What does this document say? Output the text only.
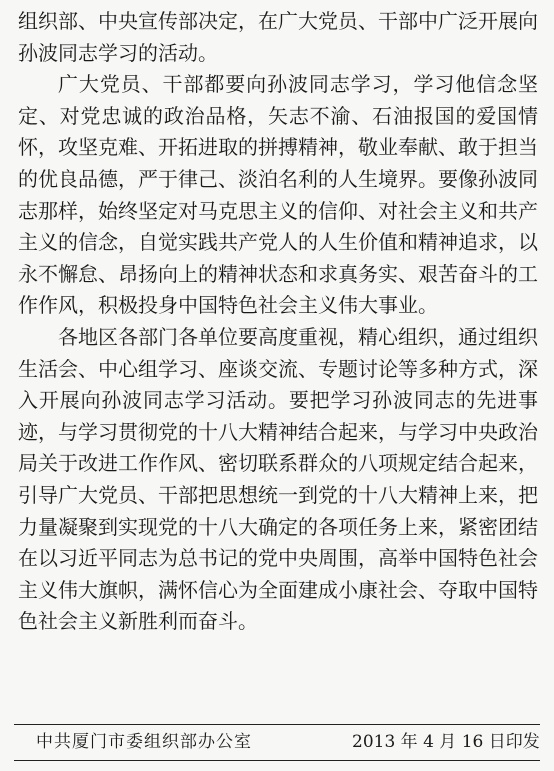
组织部、中央宣传部决定，在广大党员、干部中广泛开展向孙波同志学习的活动。

广大党员、干部都要向孙波同志学习，学习他信念坚定、对党忠诚的政治品格，矢志不渝、石油报国的爱国情怀，攻坚克难、开拓进取的拼搏精神，敬业奉献、敢于担当的优良品德，严于律己、淡泊名利的人生境界。要像孙波同志那样，始终坚定对马克思主义的信仰、对社会主义和共产主义的信念，自觉实践共产党人的人生价值和精神追求，以永不懈怠、昂扬向上的精神状态和求真务实、艰苦奋斗的工作作风，积极投身中国特色社会主义伟大事业。

各地区各部门各单位要高度重视，精心组织，通过组织生活会、中心组学习、座谈交流、专题讨论等多种方式，深入开展向孙波同志学习活动。要把学习孙波同志的先进事迹，与学习贯彻党的十八大精神结合起来，与学习中央政治局关于改进工作作风、密切联系群众的八项规定结合起来，引导广大党员、干部把思想统一到党的十八大精神上来，把力量凝聚到实现党的十八大确定的各项任务上来，紧密团结在以习近平同志为总书记的党中央周围，高举中国特色社会主义伟大旗帜，满怀信心为全面建成小康社会、夺取中国特色社会主义新胜利而奋斗。

中共厦门市委组织部办公室	2013 年 4 月 16 日印发
